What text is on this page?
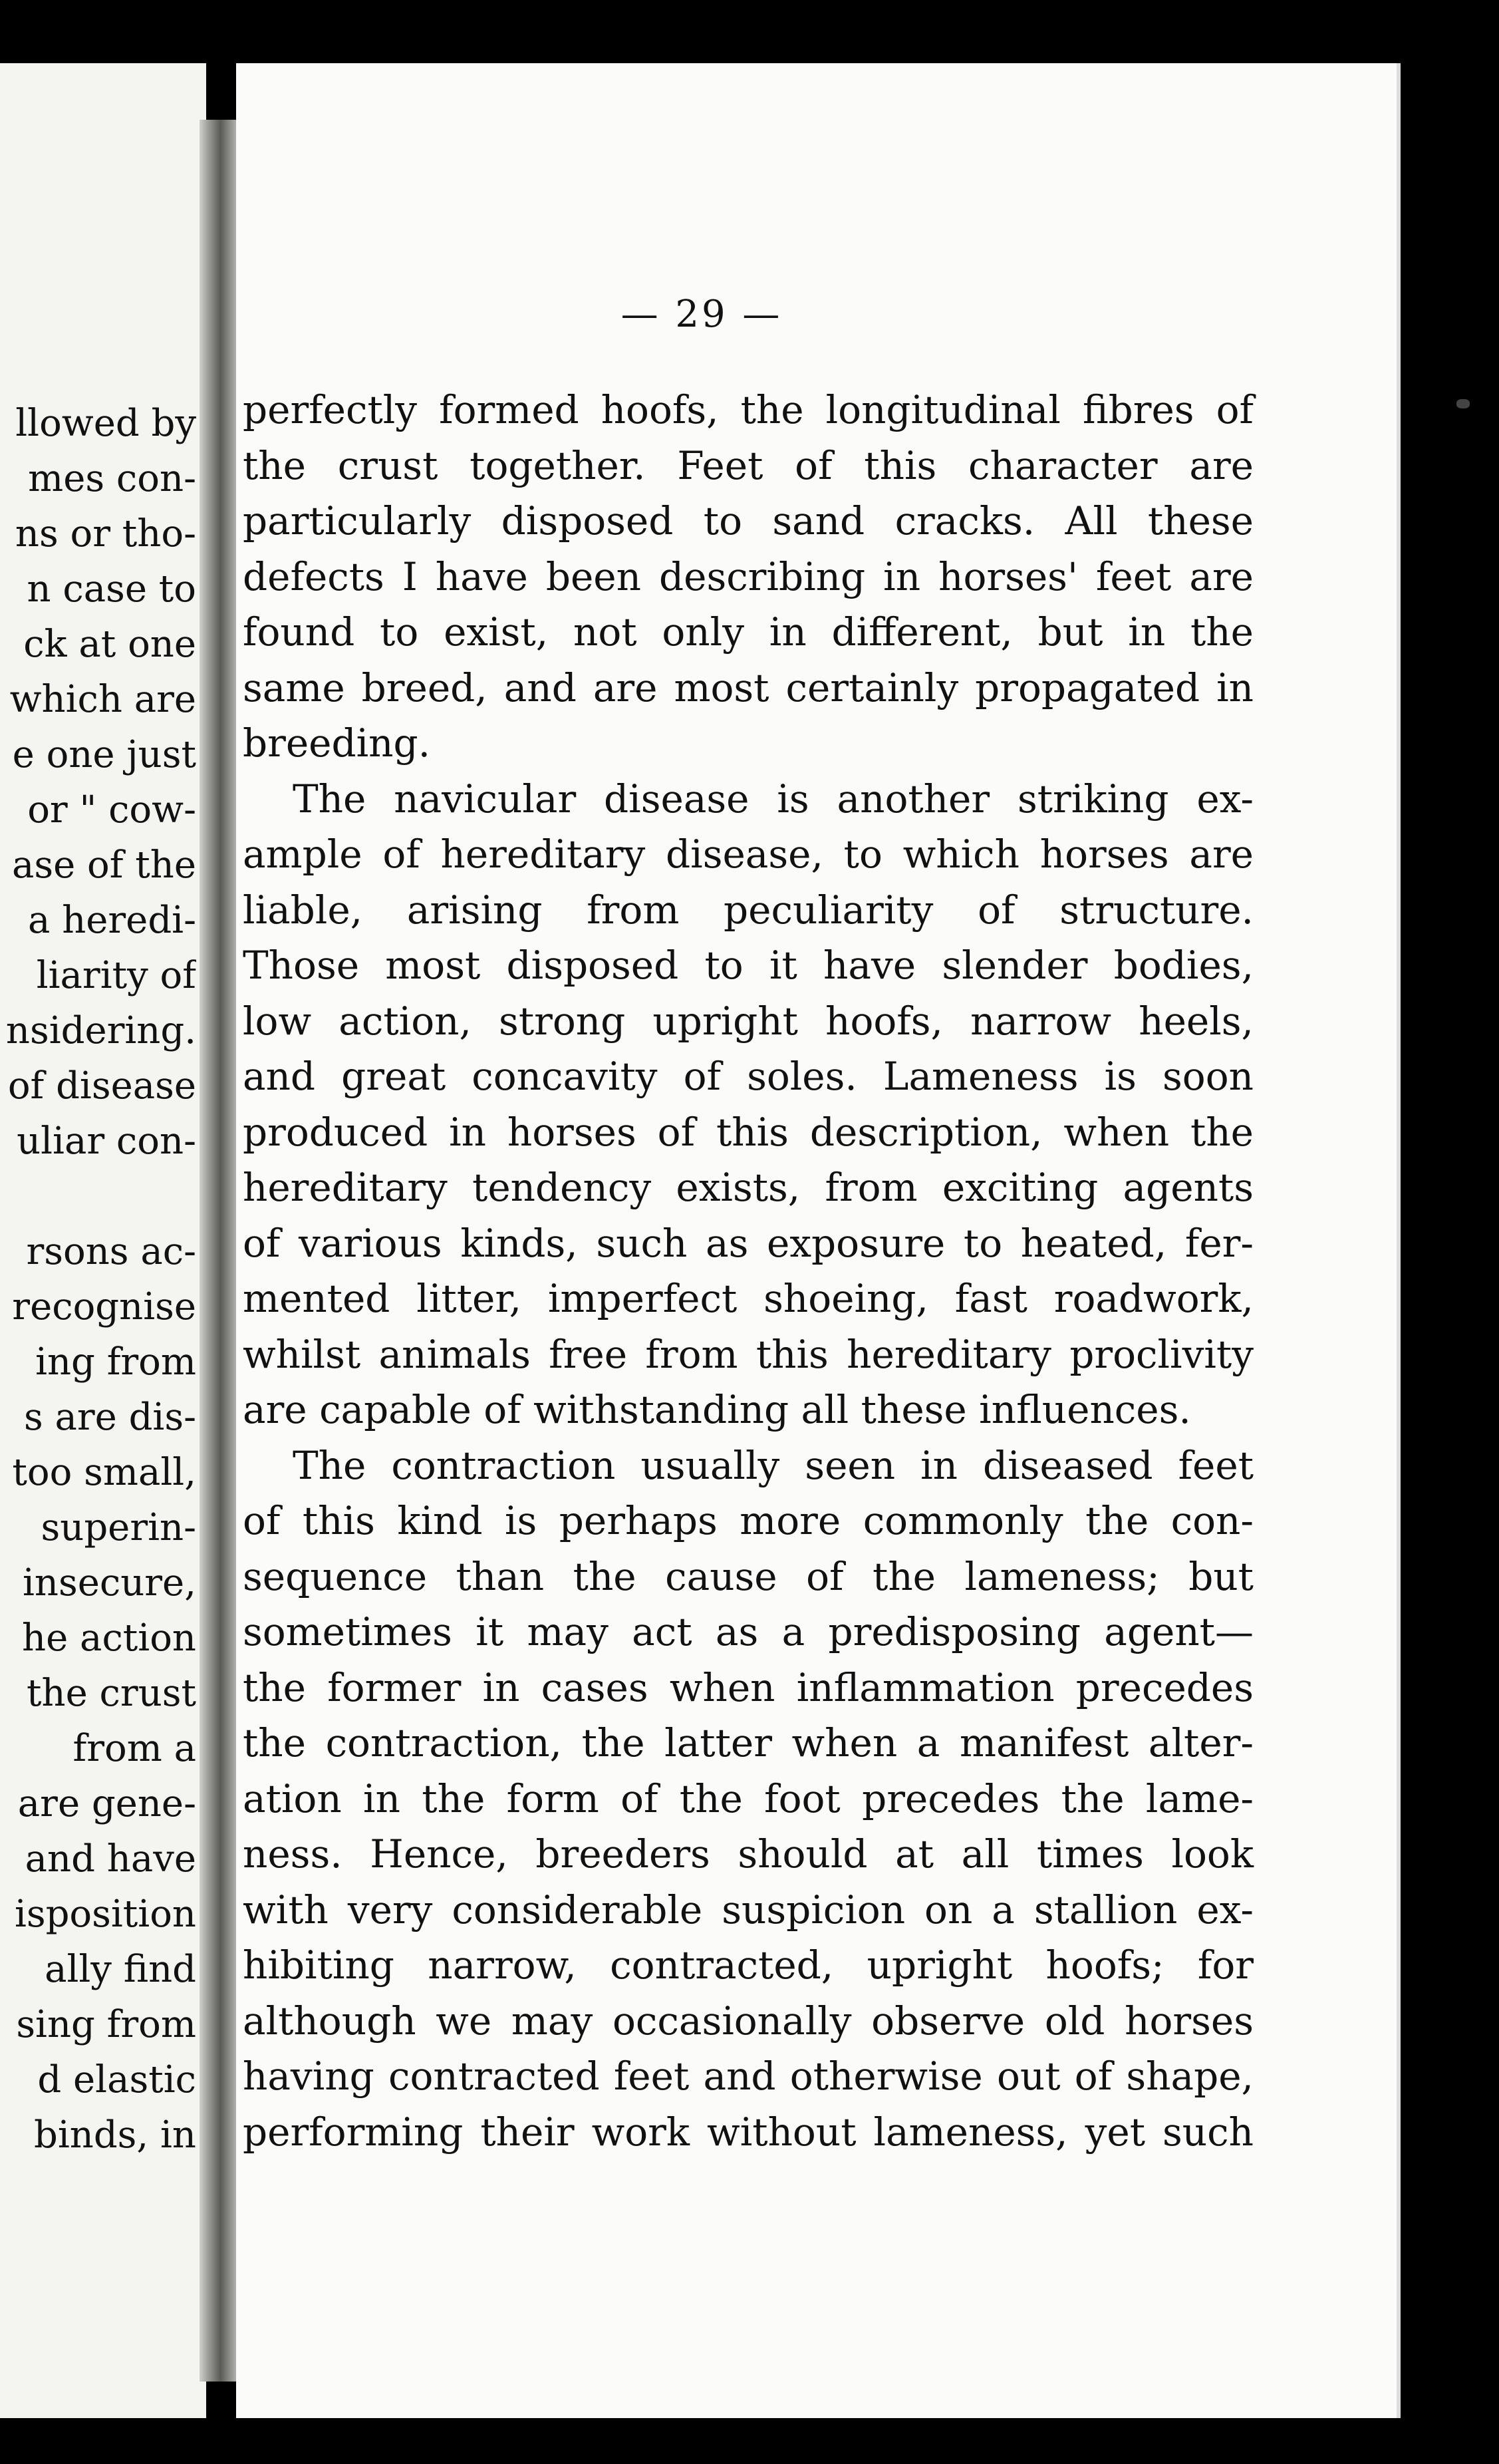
llowed by
mes con-
ns or tho-
n case to
ck at one
which are
e one just
or " cow-
ase of the
a heredi-
liarity of
nsidering.
of disease
uliar con-
rsons ac-
recognise
ing from
s are dis-
too small,
superin-
insecure,
he action
the crust
from a
are gene-
and have
isposition
ally find
sing from
d elastic
binds, in
— 29 —
perfectly formed hoofs, the longitudinal fibres of
the crust together. Feet of this character are
particularly disposed to sand cracks. All these
defects I have been describing in horses' feet are
found to exist, not only in different, but in the
same breed, and are most certainly propagated in
breeding.
The navicular disease is another striking ex-
ample of hereditary disease, to which horses are
liable, arising from peculiarity of structure.
Those most disposed to it have slender bodies,
low action, strong upright hoofs, narrow heels,
and great concavity of soles. Lameness is soon
produced in horses of this description, when the
hereditary tendency exists, from exciting agents
of various kinds, such as exposure to heated, fer-
mented litter, imperfect shoeing, fast roadwork,
whilst animals free from this hereditary proclivity
are capable of withstanding all these influences.
The contraction usually seen in diseased feet
of this kind is perhaps more commonly the con-
sequence than the cause of the lameness; but
sometimes it may act as a predisposing agent—
the former in cases when inflammation precedes
the contraction, the latter when a manifest alter-
ation in the form of the foot precedes the lame-
ness. Hence, breeders should at all times look
with very considerable suspicion on a stallion ex-
hibiting narrow, contracted, upright hoofs; for
although we may occasionally observe old horses
having contracted feet and otherwise out of shape,
performing their work without lameness, yet such
